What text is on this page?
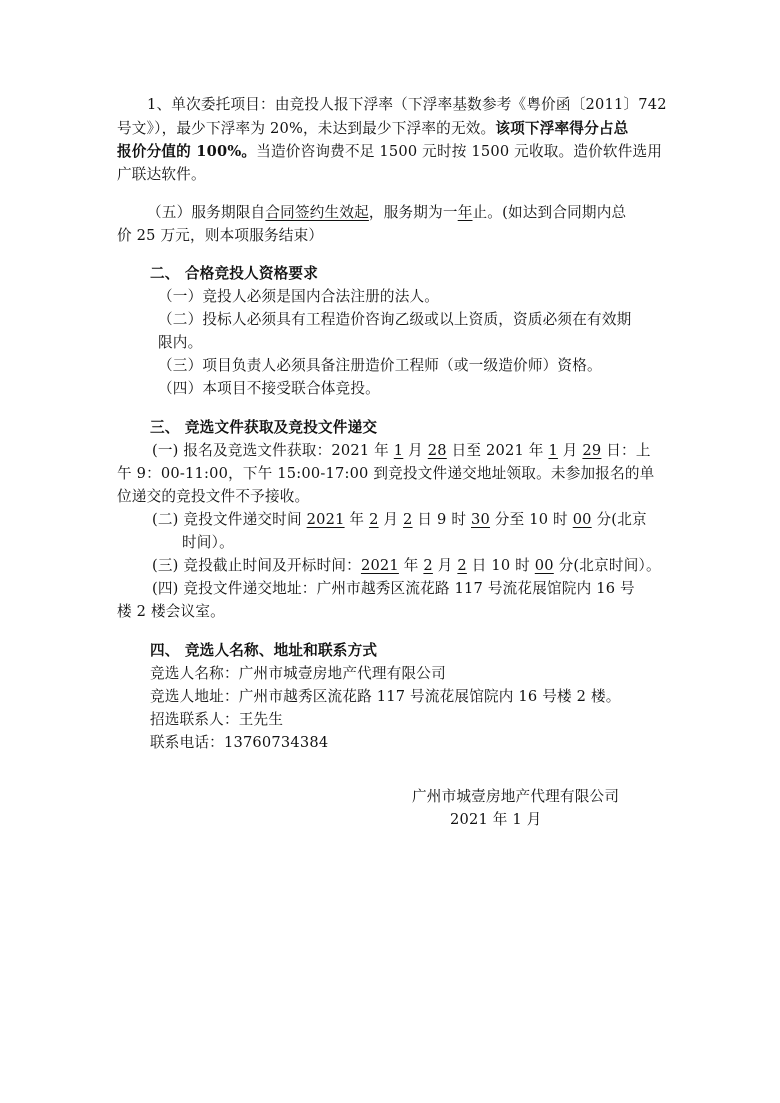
1、单次委托项目：由竞投人报下浮率（下浮率基数参考《粤价函〔2011〕742
号文》），最少下浮率为 20%，未达到最少下浮率的无效。该项下浮率得分占总
报价分值的 100%。当造价咨询费不足 1500 元时按 1500 元收取。造价软件选用
广联达软件。
（五）服务期限自合同签约生效起，服务期为一年止。(如达到合同期内总
价 25 万元，则本项服务结束）
二、 合格竞投人资格要求
（一）竞投人必须是国内合法注册的法人。
（二）投标人必须具有工程造价咨询乙级或以上资质，资质必须在有效期
限内。
（三）项目负责人必须具备注册造价工程师（或一级造价师）资格。
（四）本项目不接受联合体竞投。
三、 竞选文件获取及竞投文件递交
(一) 报名及竞选文件获取：2021 年 1 月 28 日至 2021 年 1 月 29 日：上
午 9：00-11:00，下午 15:00-17:00 到竞投文件递交地址领取。未参加报名的单
位递交的竞投文件不予接收。
(二) 竞投文件递交时间 2021 年 2 月 2 日 9 时 30 分至 10 时 00 分(北京
时间）。
(三) 竞投截止时间及开标时间：2021 年 2 月 2 日 10 时 00 分(北京时间）。
(四) 竞投文件递交地址：广州市越秀区流花路 117 号流花展馆院内 16 号
楼 2 楼会议室。
四、 竞选人名称、地址和联系方式
竞选人名称：广州市城壹房地产代理有限公司
竞选人地址：广州市越秀区流花路 117 号流花展馆院内 16 号楼 2 楼。
招选联系人：王先生
联系电话：13760734384
广州市城壹房地产代理有限公司
2021 年 1 月
